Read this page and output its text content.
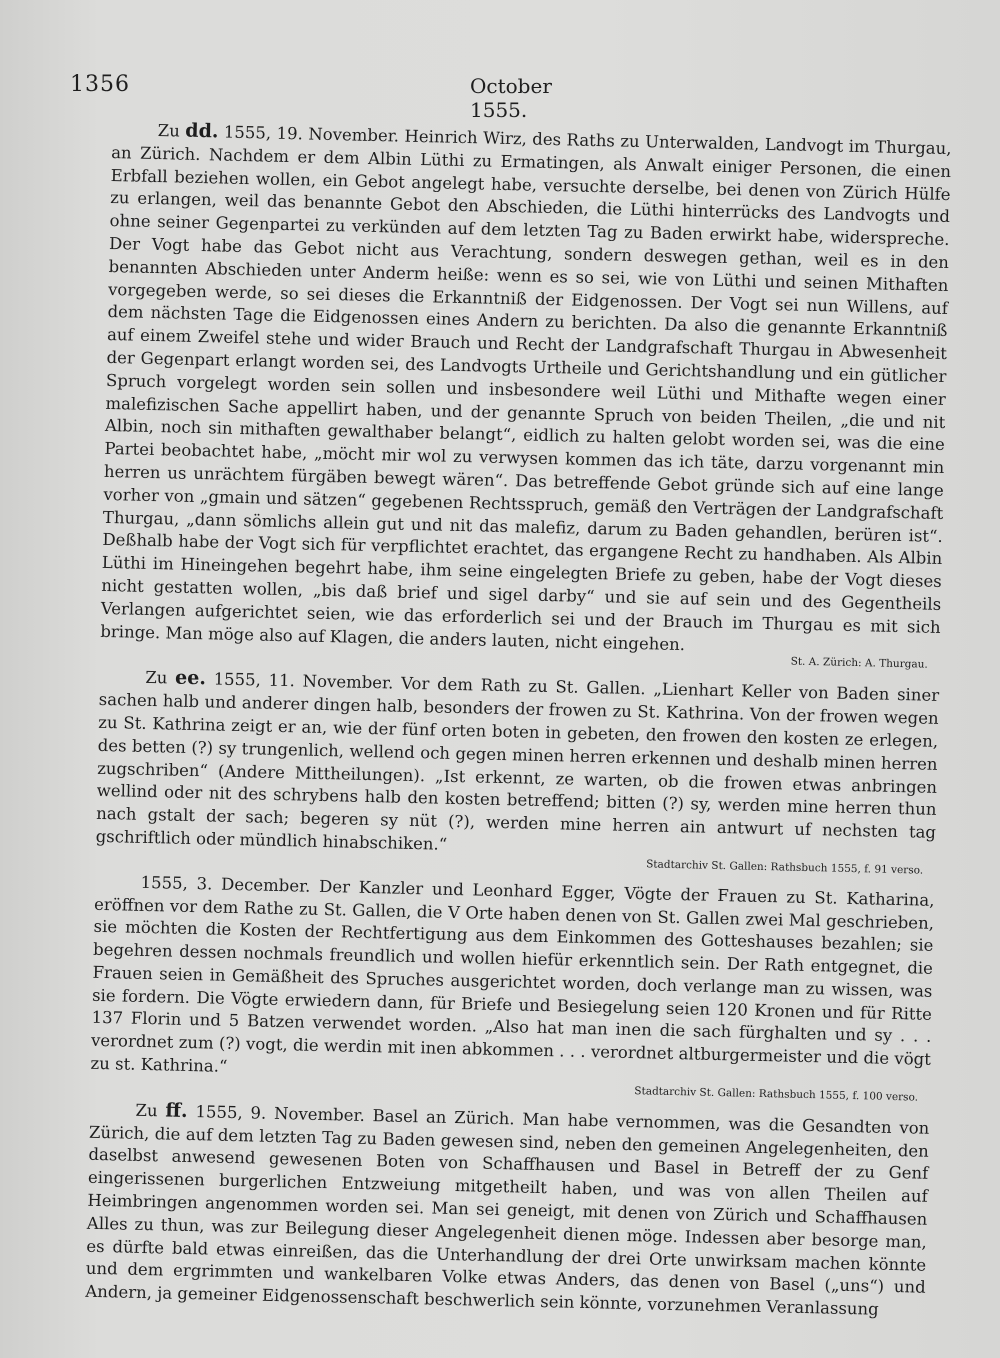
1356	October 1555.

Zu dd. 1555, 19. November. Heinrich Wirz, des Raths zu Unterwalden, Landvogt im Thurgau, an Zürich. Nachdem er dem Albin Lüthi zu Ermatingen, als Anwalt einiger Personen, die einen Erbfall beziehen wollen, ein Gebot angelegt habe, versuchte derselbe, bei denen von Zürich Hülfe zu erlangen, weil das benannte Gebot den Abschieden, die Lüthi hinterrücks des Landvogts und ohne seiner Gegenpartei zu verkünden auf dem letzten Tag zu Baden erwirkt habe, widerspreche. Der Vogt habe das Gebot nicht aus Verachtung, sondern deswegen gethan, weil es in den benannten Abschieden unter Anderm heiße: wenn es so sei, wie von Lüthi und seinen Mithaften vorgegeben werde, so sei dieses die Erkanntniß der Eidgenossen. Der Vogt sei nun Willens, auf dem nächsten Tage die Eidgenossen eines Andern zu berichten. Da also die genannte Erkanntniß auf einem Zweifel stehe und wider Brauch und Recht der Landgrafschaft Thurgau in Abwesenheit der Gegenpart erlangt worden sei, des Landvogts Urtheile und Gerichtshandlung und ein gütlicher Spruch vorgelegt worden sein sollen und insbesondere weil Lüthi und Mithafte wegen einer malefizischen Sache appellirt haben, und der genannte Spruch von beiden Theilen, „die und nit Albin, noch sin mithaften gewalthaber belangt“, eidlich zu halten gelobt worden sei, was die eine Partei beobachtet habe, „möcht mir wol zu verwysen kommen das ich täte, darzu vorgenannt min herren us unrächtem fürgäben bewegt wären“. Das betreffende Gebot gründe sich auf eine lange vorher von „gmain und sätzen“ gegebenen Rechtsspruch, gemäß den Verträgen der Landgrafschaft Thurgau, „dann sömlichs allein gut und nit das malefiz, darum zu Baden gehandlen, berüren ist“. Deßhalb habe der Vogt sich für verpflichtet erachtet, das ergangene Recht zu handhaben. Als Albin Lüthi im Hineingehen begehrt habe, ihm seine eingelegten Briefe zu geben, habe der Vogt dieses nicht gestatten wollen, „bis daß brief und sigel darby“ und sie auf sein und des Gegentheils Verlangen aufgerichtet seien, wie das erforderlich sei und der Brauch im Thurgau es mit sich bringe. Man möge also auf Klagen, die anders lauten, nicht eingehen.
St. A. Zürich: A. Thurgau.

Zu ee. 1555, 11. November. Vor dem Rath zu St. Gallen. „Lienhart Keller von Baden siner sachen halb und anderer dingen halb, besonders der frowen zu St. Kathrina. Von der frowen wegen zu St. Kathrina zeigt er an, wie der fünf orten boten in gebeten, den frowen den kosten ze erlegen, des betten (?) sy trungenlich, wellend och gegen minen herren erkennen und deshalb minen herren zugschriben“ (Andere Mittheilungen). „Ist erkennt, ze warten, ob die frowen etwas anbringen wellind oder nit des schrybens halb den kosten betreffend; bitten (?) sy, werden mine herren thun nach gstalt der sach; begeren sy nüt (?), werden mine herren ain antwurt uf nechsten tag gschriftlich oder mündlich hinabschiken.“
Stadtarchiv St. Gallen: Rathsbuch 1555, f. 91 verso.

1555, 3. December. Der Kanzler und Leonhard Egger, Vögte der Frauen zu St. Katharina, eröffnen vor dem Rathe zu St. Gallen, die V Orte haben denen von St. Gallen zwei Mal geschrieben, sie möchten die Kosten der Rechtfertigung aus dem Einkommen des Gotteshauses bezahlen; sie begehren dessen nochmals freundlich und wollen hiefür erkenntlich sein. Der Rath entgegnet, die Frauen seien in Gemäßheit des Spruches ausgerichtet worden, doch verlange man zu wissen, was sie fordern. Die Vögte erwiedern dann, für Briefe und Besiegelung seien 120 Kronen und für Ritte 137 Florin und 5 Batzen verwendet worden. „Also hat man inen die sach fürghalten und sy . . . verordnet zum (?) vogt, die werdin mit inen abkommen . . . verordnet altburgermeister und die vögt zu st. Kathrina.“
Stadtarchiv St. Gallen: Rathsbuch 1555, f. 100 verso.

Zu ff. 1555, 9. November. Basel an Zürich. Man habe vernommen, was die Gesandten von Zürich, die auf dem letzten Tag zu Baden gewesen sind, neben den gemeinen Angelegenheiten, den daselbst anwesend gewesenen Boten von Schaffhausen und Basel in Betreff der zu Genf eingerissenen burgerlichen Entzweiung mitgetheilt haben, und was von allen Theilen auf Heimbringen angenommen worden sei. Man sei geneigt, mit denen von Zürich und Schaffhausen Alles zu thun, was zur Beilegung dieser Angelegenheit dienen möge. Indessen aber besorge man, es dürfte bald etwas einreißen, das die Unterhandlung der drei Orte unwirksam machen könnte und dem ergrimmten und wankelbaren Volke etwas Anders, das denen von Basel („uns“) und Andern, ja gemeiner Eidgenossenschaft beschwerlich sein könnte, vorzunehmen Veranlassung
